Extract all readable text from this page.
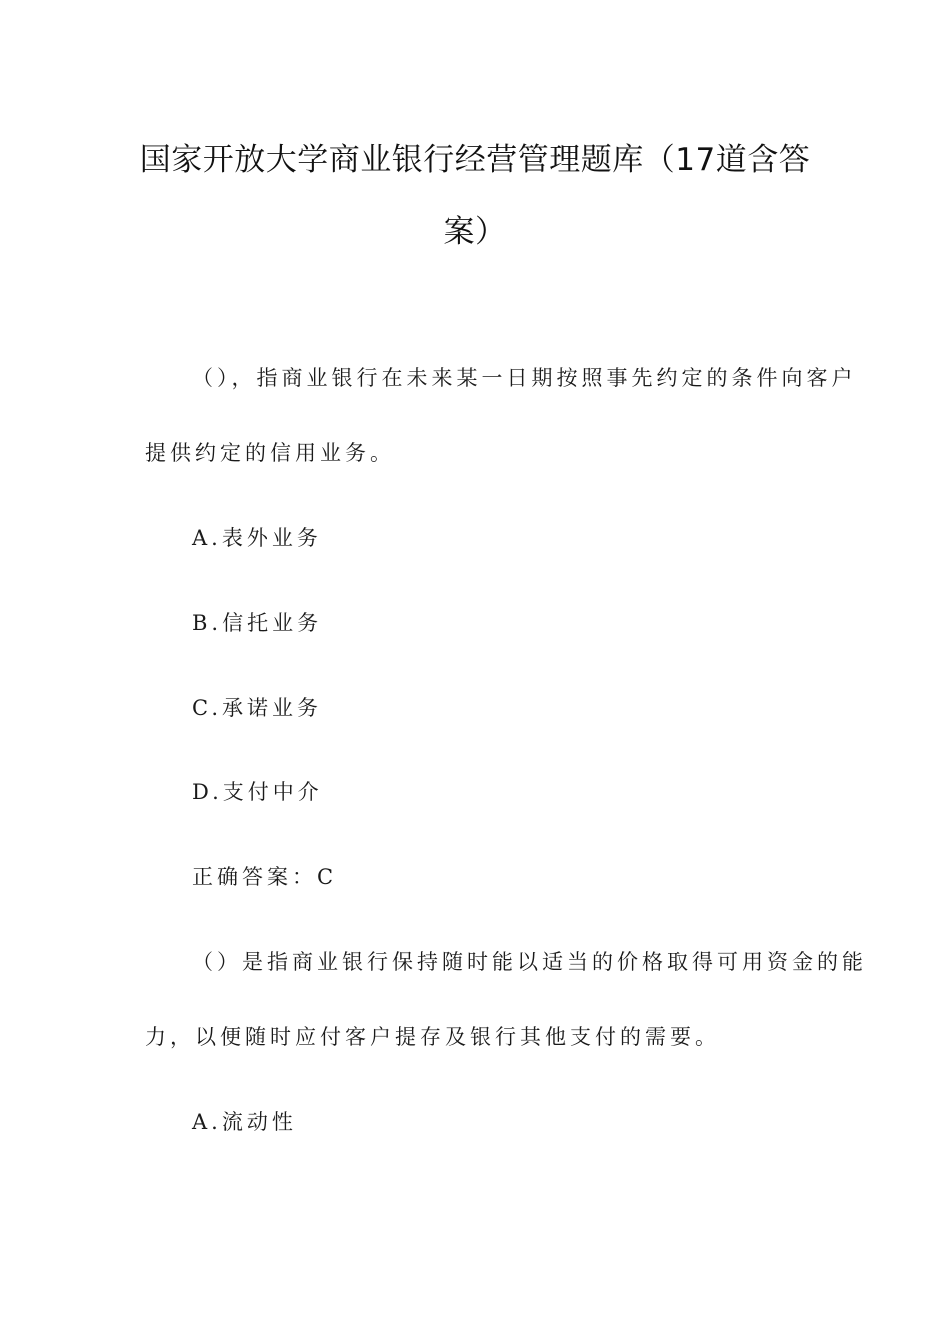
国家开放大学商业银行经营管理题库（17道含答
案）
（），指商业银行在未来某一日期按照事先约定的条件向客户
提供约定的信用业务。
A.表外业务
B.信托业务
C.承诺业务
D.支付中介
正确答案：C
（）是指商业银行保持随时能以适当的价格取得可用资金的能
力，以便随时应付客户提存及银行其他支付的需要。
A.流动性
